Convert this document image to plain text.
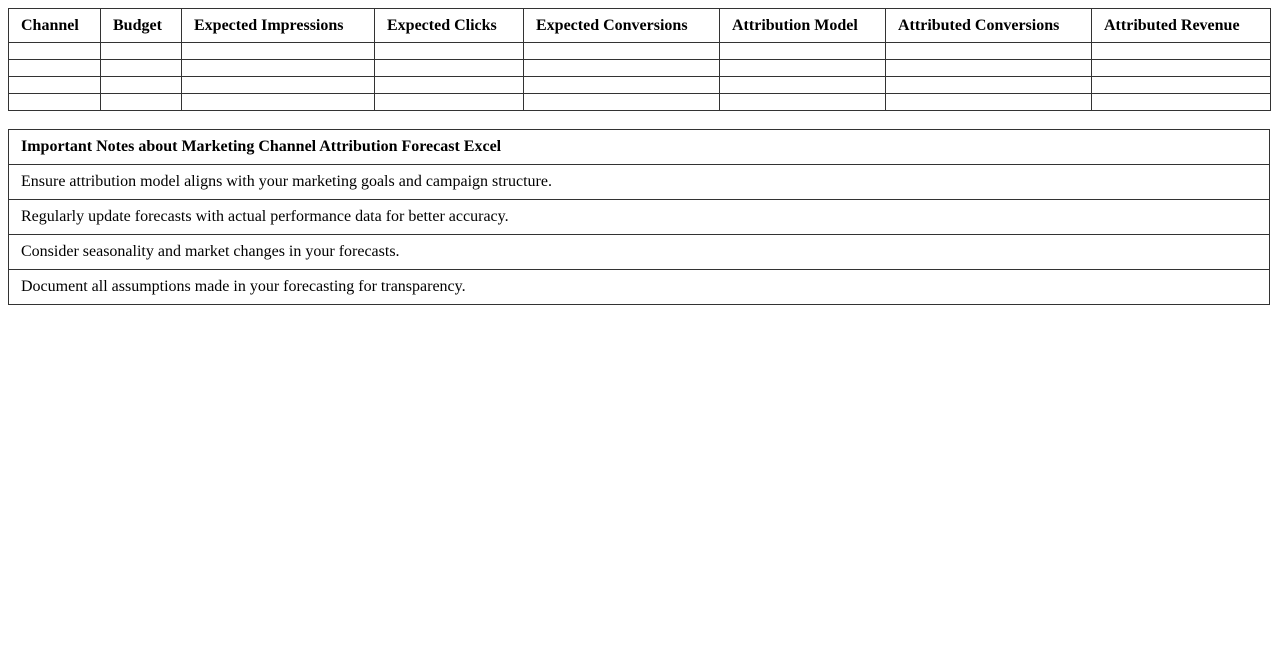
Channel	Budget	Expected Impressions	Expected Clicks	Expected Conversions	Attribution Model	Attributed Conversions	Attributed Revenue

Important Notes about Marketing Channel Attribution Forecast Excel
Ensure attribution model aligns with your marketing goals and campaign structure.
Regularly update forecasts with actual performance data for better accuracy.
Consider seasonality and market changes in your forecasts.
Document all assumptions made in your forecasting for transparency.
